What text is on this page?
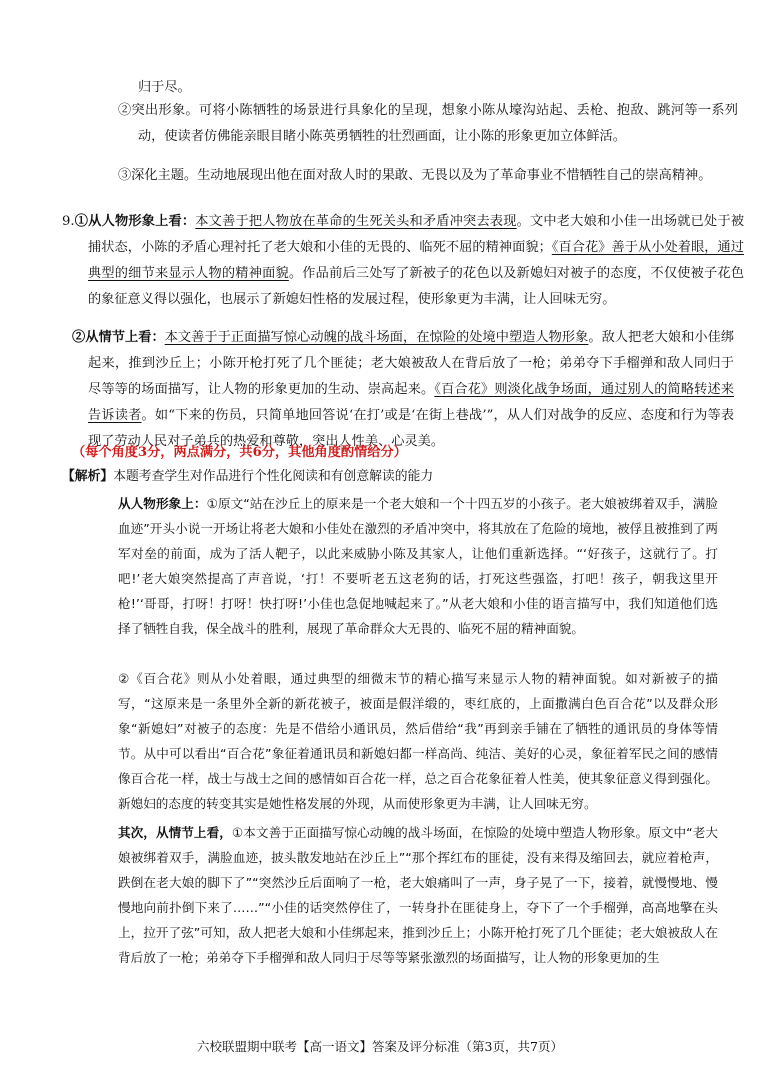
归于尽。

②突出形象。可将小陈牺牲的场景进行具象化的呈现，想象小陈从壕沟站起、丢枪、抱敌、跳河等一系列动，使读者仿佛能亲眼目睹小陈英勇牺牲的壮烈画面，让小陈的形象更加立体鲜活。

③深化主题。生动地展现出他在面对敌人时的果敢、无畏以及为了革命事业不惜牺牲自己的崇高精神。

9.①从人物形象上看：本文善于把人物放在革命的生死关头和矛盾冲突去表现。文中老大娘和小佳一出场就已处于被捕状态，小陈的矛盾心理衬托了老大娘和小佳的无畏的、临死不屈的精神面貌；《百合花》善于从小处着眼，通过典型的细节来显示人物的精神面貌。作品前后三处写了新被子的花色以及新媳妇对被子的态度，不仅使被子花色的象征意义得以强化，也展示了新媳妇性格的发展过程，使形象更为丰满，让人回味无穷。

②从情节上看：本文善于于正面描写惊心动魄的战斗场面，在惊险的处境中塑造人物形象。敌人把老大娘和小佳绑起来，推到沙丘上；小陈开枪打死了几个匪徒；老大娘被敌人在背后放了一枪；弟弟夺下手榴弹和敌人同归于尽等等的场面描写，让人物的形象更加的生动、崇高起来。《百合花》则淡化战争场面，通过别人的简略转述来告诉读者。如“下来的伤员，只简单地回答说‘在打’或是‘在街上巷战’”，从人们对战争的反应、态度和行为等表现了劳动人民对子弟兵的热爱和尊敬，突出人性美、心灵美。

（每个角度3分，两点满分，共6分，其他角度酌情给分）

【解析】本题考查学生对作品进行个性化阅读和有创意解读的能力

从人物形象上：①原文“站在沙丘上的原来是一个老大娘和一个十四五岁的小孩子。老大娘被绑着双手，满脸血迹”开头小说一开场让将老大娘和小佳处在激烈的矛盾冲突中，将其放在了危险的境地，被俘且被推到了两军对垒的前面，成为了活人靶子，以此来威胁小陈及其家人，让他们重新选择。“‘好孩子，这就行了。打吧!’老大娘突然提高了声音说，‘打！不要听老五这老狗的话，打死这些强盗，打吧！孩子，朝我这里开枪!’‘哥哥，打呀！打呀！快打呀!’小佳也急促地喊起来了。”从老大娘和小佳的语言描写中，我们知道他们选择了牺牲自我，保全战斗的胜利，展现了革命群众大无畏的、临死不屈的精神面貌。

②《百合花》则从小处着眼，通过典型的细微末节的精心描写来显示人物的精神面貌。如对新被子的描写，“这原来是一条里外全新的新花被子，被面是假洋缎的，枣红底的，上面撒满白色百合花”以及群众形象“新媳妇”对被子的态度：先是不借给小通讯员，然后借给“我”再到亲手铺在了牺牲的通讯员的身体等情节。从中可以看出“百合花”象征着通讯员和新媳妇都一样高尚、纯洁、美好的心灵，象征着军民之间的感情像百合花一样，战士与战士之间的感情如百合花一样，总之百合花象征着人性美，使其象征意义得到强化。新媳妇的态度的转变其实是她性格发展的外现，从而使形象更为丰满，让人回味无穷。

其次，从情节上看，①本文善于正面描写惊心动魄的战斗场面，在惊险的处境中塑造人物形象。原文中“老大娘被绑着双手，满脸血迹，披头散发地站在沙丘上”“那个挥红布的匪徒，没有来得及缩回去，就应着枪声，跌倒在老大娘的脚下了”“突然沙丘后面响了一枪，老大娘痛叫了一声，身子晃了一下，接着，就慢慢地、慢慢地向前扑倒下来了……”“小佳的话突然停住了，一转身扑在匪徒身上，夺下了一个手榴弹，高高地擎在头上，拉开了弦”可知，敌人把老大娘和小佳绑起来，推到沙丘上；小陈开枪打死了几个匪徒；老大娘被敌人在背后放了一枪；弟弟夺下手榴弹和敌人同归于尽等等紧张激烈的场面描写，让人物的形象更加的生

六校联盟期中联考【高一语文】答案及评分标准（第3页，共7页）
